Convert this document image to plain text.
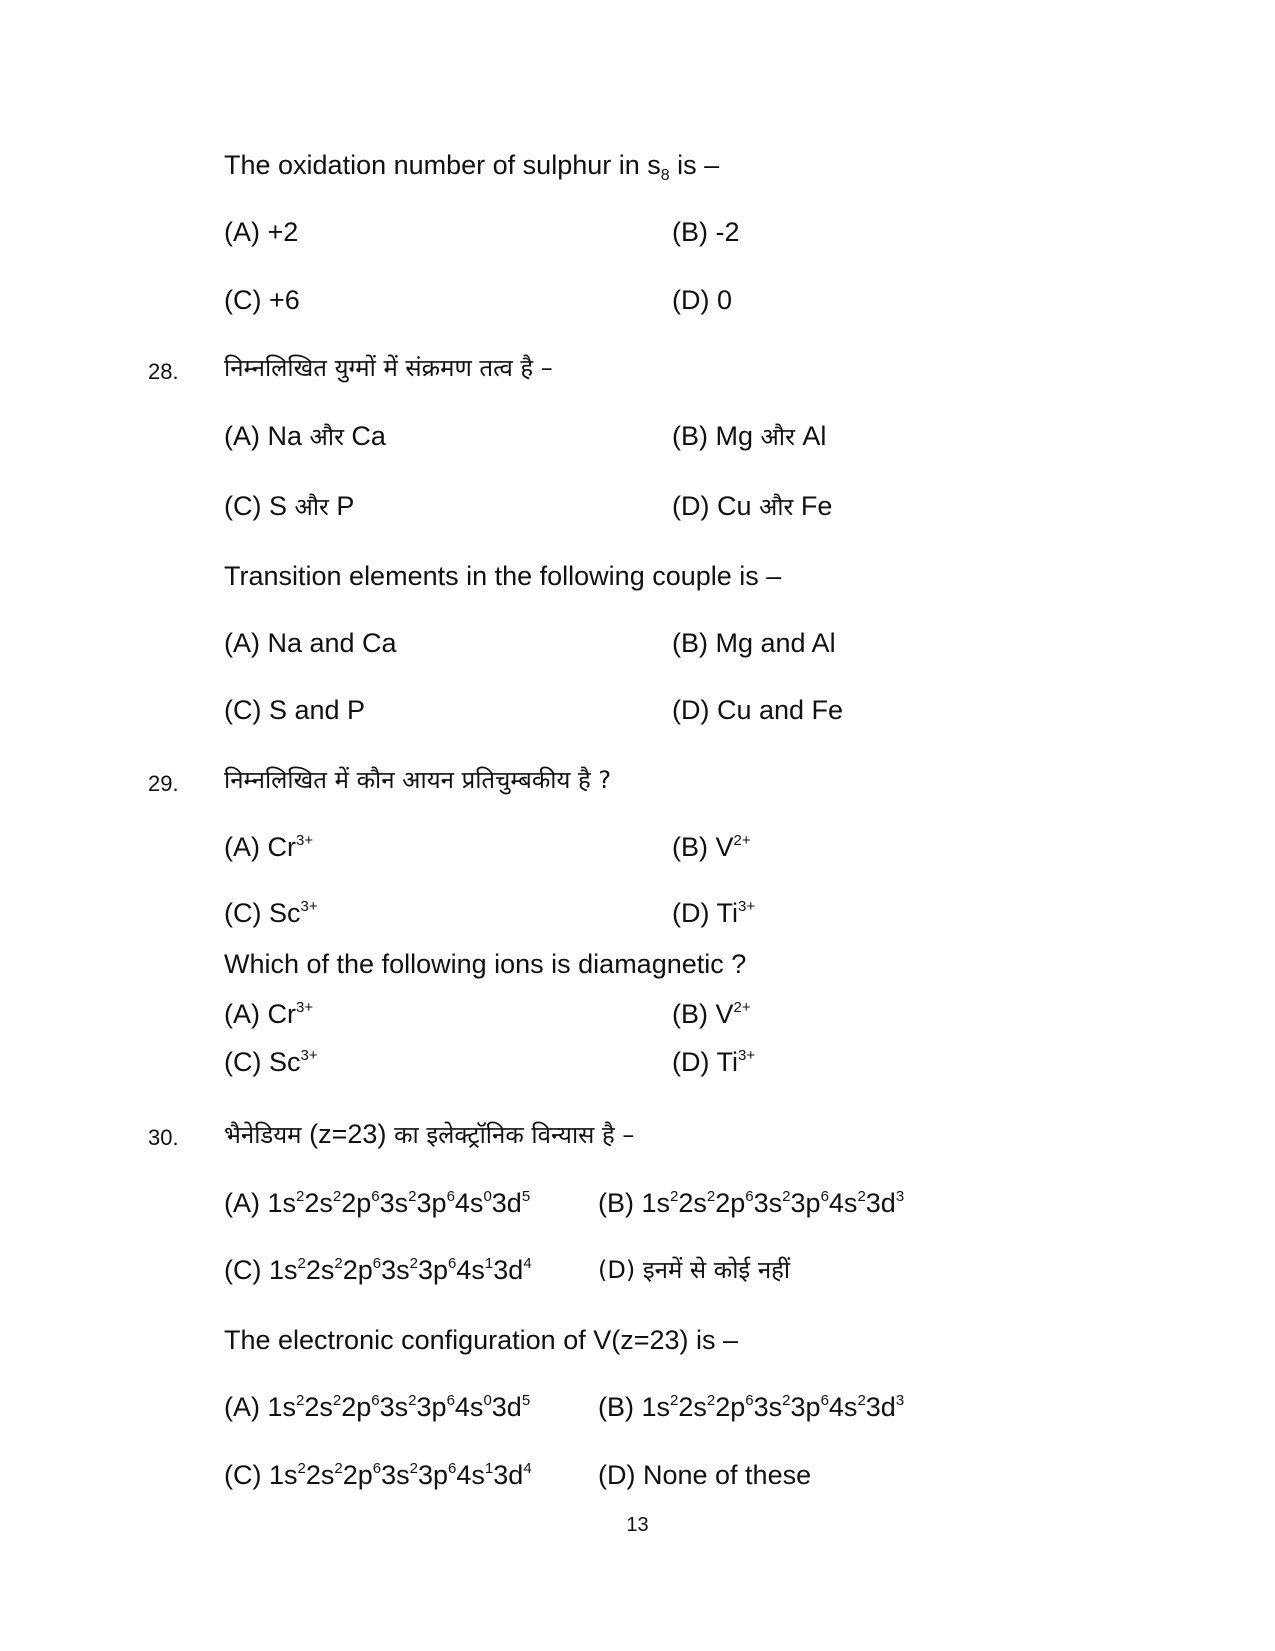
The oxidation number of sulphur in $s_8$ is –
(A) +2	(B) -2
(C) +6	(D) 0
28. निम्नलिखित युग्मों में संक्रमण तत्व है –
(A) Na और Ca	(B) Mg और Al
(C) S और P	(D) Cu और Fe
Transition elements in the following couple is –
(A) Na and Ca	(B) Mg and Al
(C) S and P	(D) Cu and Fe
29. निम्नलिखित में कौन आयन प्रतिचुम्बकीय है ?
(A) $Cr^{3+}$	(B) $V^{2+}$
(C) $Sc^{3+}$	(D) $Ti^{3+}$
Which of the following ions is diamagnetic ?
(A) $Cr^{3+}$	(B) $V^{2+}$
(C) $Sc^{3+}$	(D) $Ti^{3+}$
30. भैनेडियम (z=23) का इलेक्ट्रॉनिक विन्यास है –
(A) $1s^22s^22p^63s^23p^64s^03d^5$	(B) $1s^22s^22p^63s^23p^64s^23d^3$
(C) $1s^22s^22p^63s^23p^64s^13d^4$	(D) इनमें से कोई नहीं
The electronic configuration of V(z=23) is –
(A) $1s^22s^22p^63s^23p^64s^03d^5$	(B) $1s^22s^22p^63s^23p^64s^23d^3$
(C) $1s^22s^22p^63s^23p^64s^13d^4$ (D) None of these
13
